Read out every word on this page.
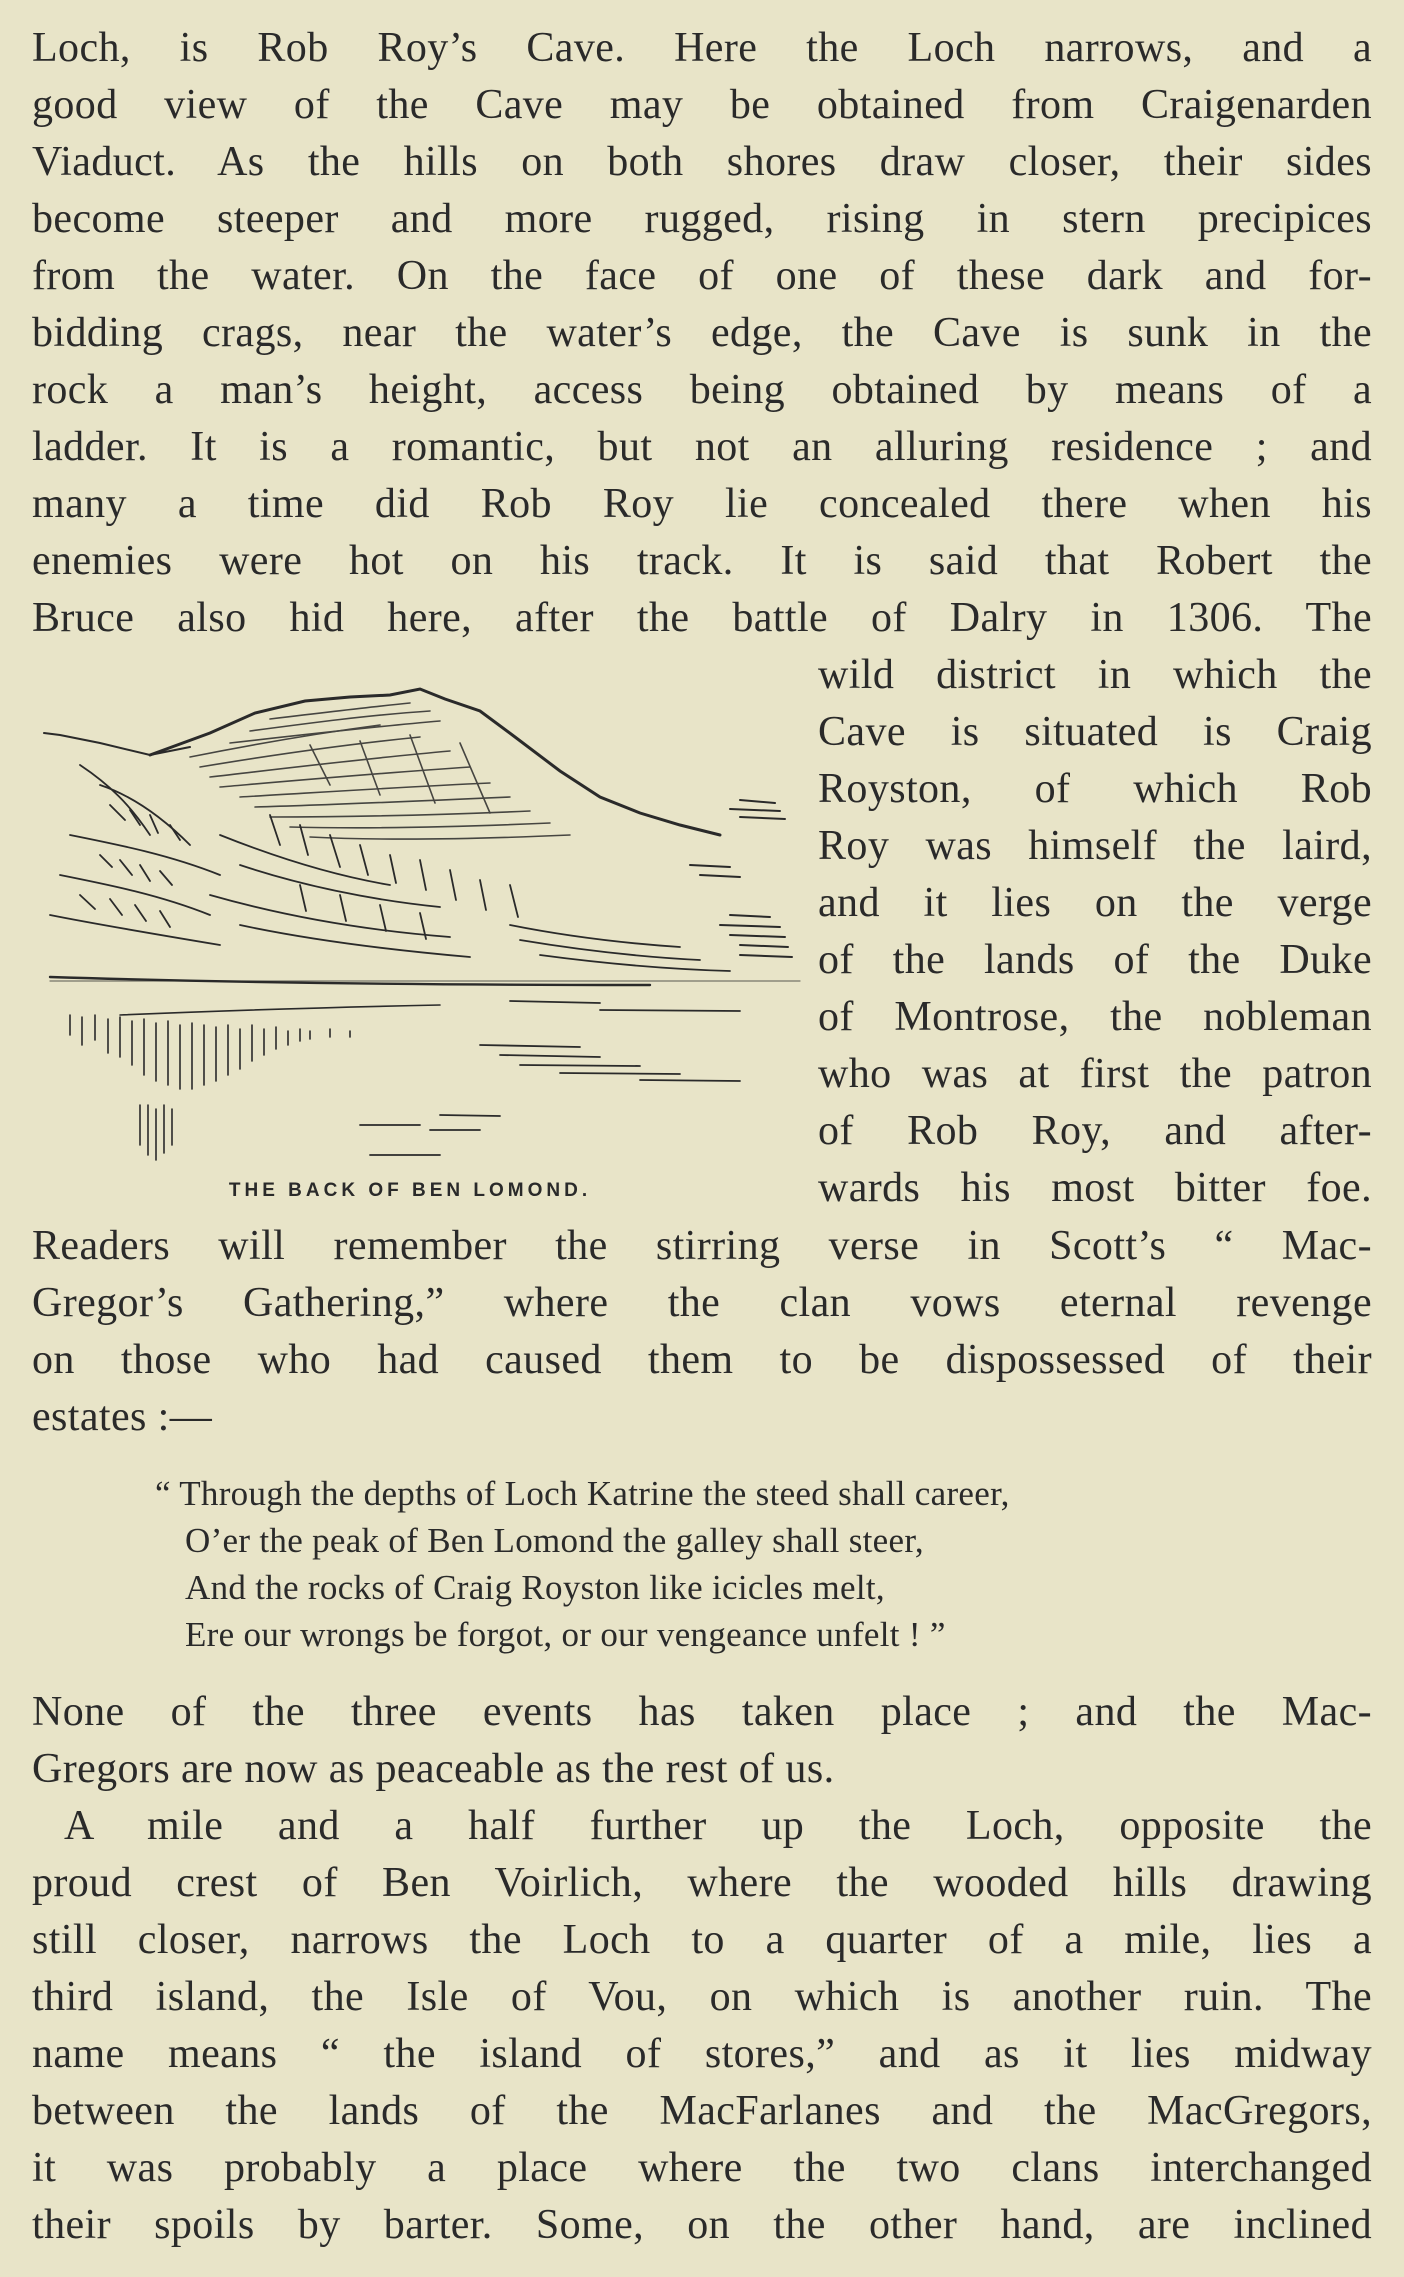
Loch, is Rob Roy’s Cave. Here the Loch narrows, and a
good view of the Cave may be obtained from Craigenarden
Viaduct. As the hills on both shores draw closer, their sides
become steeper and more rugged, rising in stern precipices
from the water. On the face of one of these dark and for-
bidding crags, near the water’s edge, the Cave is sunk in the
rock a man’s height, access being obtained by means of a
ladder. It is a romantic, but not an alluring residence ; and
many a time did Rob Roy lie concealed there when his
enemies were hot on his track. It is said that Robert the
Bruce also hid here, after the battle of Dalry in 1306. The
wild district in which the
Cave is situated is Craig
Royston, of which Rob
Roy was himself the laird,
and it lies on the verge
of the lands of the Duke
of Montrose, the nobleman
who was at first the patron
of Rob Roy, and after-
wards his most bitter foe.
THE BACK OF BEN LOMOND.
Readers will remember the stirring verse in Scott’s “ Mac-
Gregor’s Gathering,” where the clan vows eternal revenge
on those who had caused them to be dispossessed of their
estates :—
“ Through the depths of Loch Katrine the steed shall career,
O’er the peak of Ben Lomond the galley shall steer,
And the rocks of Craig Royston like icicles melt,
Ere our wrongs be forgot, or our vengeance unfelt ! ”
None of the three events has taken place ; and the Mac-
Gregors are now as peaceable as the rest of us.
A mile and a half further up the Loch, opposite the
proud crest of Ben Voirlich, where the wooded hills drawing
still closer, narrows the Loch to a quarter of a mile, lies a
third island, the Isle of Vou, on which is another ruin. The
name means “ the island of stores,” and as it lies midway
between the lands of the MacFarlanes and the MacGregors,
it was probably a place where the two clans interchanged
their spoils by barter. Some, on the other hand, are inclined
